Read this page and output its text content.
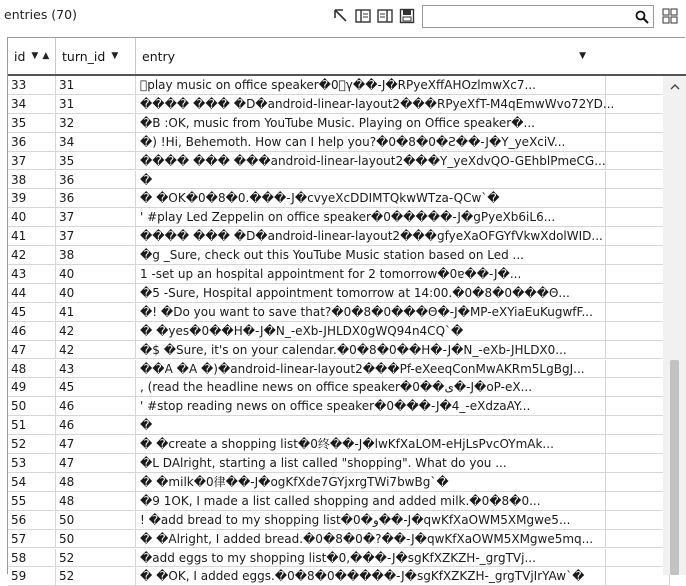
entries (70)
id ▼ ▲ turn_id ▼ entry	▼
33	31	 play music on office speaker�0 γ��-J�RPyeXffAHOzlmwXc7...
34	31	���� ��� �D�android-linear-layout2���RPyeXfT-M4qEmwWvo72YD...
35	32	�B :OK, music from YouTube Music. Playing on Office speaker�...
36	34	�) !Hi, Behemoth. How can I help you?�0�8�0�Ƨ��-J�Y_yeXciV...
37	35	���� ��� ���android-linear-layout2���Y_yeXdvQO-GEhblPmeCG...
38	36	�
39	36	� �OK�0�8�0.���-J�cvyeXcDDIMTQkwWTza-QCw`�
40	37	' #play Led Zeppelin on office speaker�0�����-J�gPyeXb6iL6...
41	37	���� ��� �D�android-linear-layout2���gfyeXaOFGYfVkwXdolWID...
42	38	�g _Sure, check out this YouTube Music station based on Led ...
43	40	1 -set up an hospital appointment for 2 tomorrow�0ɐ��-J�...
44	40	�5 -Sure, Hospital appointment tomorrow at 14:00.�0�8�0���Θ...
45	41	�! �Do you want to save that?�0�8�0���Θ�-J�MP-eXYiaEuKugwfF...
46	42	� �yes�0��H�-J�N_-eXb-JHLDX0gWQ94n4CQ`�
47	42	�$ �Sure, it's on your calendar.�0�8�0��H�-J�N_-eXb-JHLDX0...
48	43	��A �A �)�android-linear-layout2���Pf-eXeeqConMwAKRm5LgBgJ...
49	45	, (read the headline news on office speaker�0��ی�-J�oP-eX...
50	46	' #stop reading news on office speaker�0��̷�-J�4_-eXdzaAY...
51	46	�
52	47	� �create a shopping list�0终��-J�lwKfXaLOM-eHjLsPvcOYmAk...
53	47	�L DAlright, starting a list called "shopping". What do you ...
54	48	� �milk�0律��-J�ogKfXde7GYjxrgTWi7bwBg`�
55	48	�9 1OK, I made a list called shopping and added milk.�0�8�0...
56	50	! �add bread to my shopping list�0�و��-J�qwKfXaOWM5XMgwe5...
57	50	� �Alright, I added bread.�0�8�0�?��-J�qwKfXaOWM5XMgwe5mq...
58	52	�add eggs to my shopping list�0,���-J�sgKfXZKZH-_grgTVj...
59	52	� �OK, I added eggs.�0�8�0�����-J�sgKfXZKZH-_grgTVjIrYAw`�
